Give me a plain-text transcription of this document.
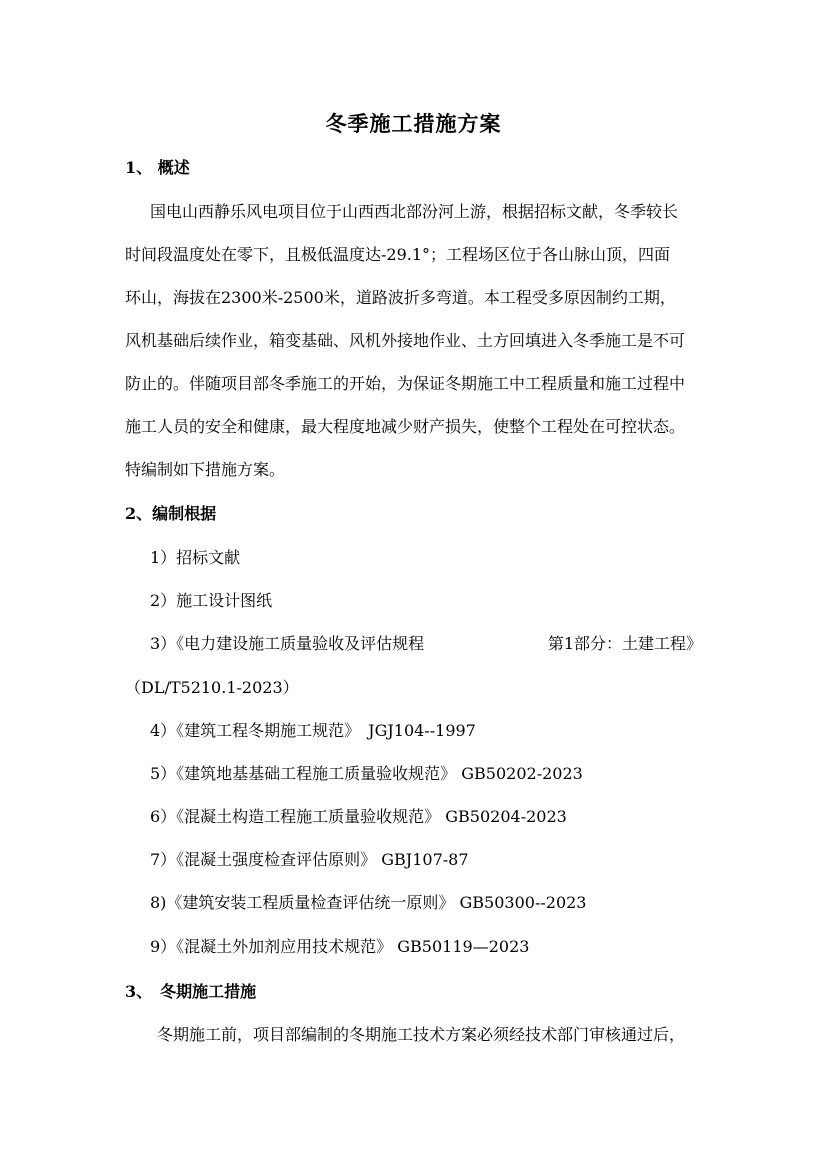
冬季施工措施方案
1、 概述
国电山西静乐风电项目位于山西西北部汾河上游，根据招标文献，冬季较长
时间段温度处在零下，且极低温度达-29.1°；工程场区位于各山脉山顶，四面
环山，海拔在2300米-2500米，道路波折多弯道。本工程受多原因制约工期，
风机基础后续作业，箱变基础、风机外接地作业、土方回填进入冬季施工是不可
防止的。伴随项目部冬季施工的开始，为保证冬期施工中工程质量和施工过程中
施工人员的安全和健康，最大程度地减少财产损失，使整个工程处在可控状态。
特编制如下措施方案。
2、编制根据
1）招标文献
2）施工设计图纸
3）《电力建设施工质量验收及评估规程	第1部分：土建工程》
（DL/T5210.1-2023）
4）《建筑工程冬期施工规范》　JGJ104--1997
5）《建筑地基基础工程施工质量验收规范》 GB50202-2023
6）《混凝土构造工程施工质量验收规范》 GB50204-2023
7）《混凝土强度检查评估原则》 GBJ107-87
8)《建筑安装工程质量检查评估统一原则》 GB50300--2023
9）《混凝土外加剂应用技术规范》 GB50119—2023
3、　冬期施工措施
冬期施工前，项目部编制的冬期施工技术方案必须经技术部门审核通过后，
